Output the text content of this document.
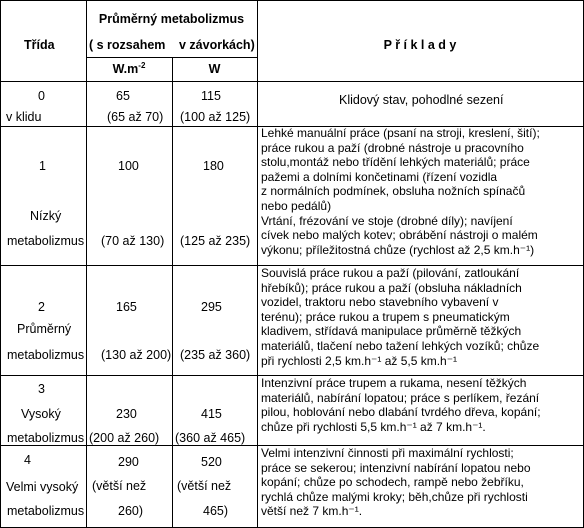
Třída
Průměrný metabolizmus
( s rozsahem v závorkách)
$W.m^{-2}$	W
P ř í k l a d y
0
v klidu
65
(65 až 70)
115
(100 až 125)
Klidový stav, pohodlné sezení
1
Nízký
metabolizmus
100
(70 až 130)
180
(125 až 235)
Lehké manuální práce (psaní na stroji, kreslení, šití);
práce rukou a paží (drobné nástroje u pracovního
stolu,montáž nebo třídění lehkých materiálů; práce
pažemi a dolními končetinami (řízení vozidla
z normálních podmínek, obsluha nožních spínačů
nebo pedálů)
Vrtání, frézování ve stoje (drobné díly); navíjení
cívek nebo malých kotev; obrábění nástroji o malém
výkonu; příležitostná chůze (rychlost až 2,5 km.h⁻¹)
2
Průměrný
metabolizmus
165
(130 až 200)
295
(235 až 360)
Souvislá práce rukou a paží (pilování, zatloukání
hřebíků); práce rukou a paží (obsluha nákladních
vozidel, traktoru nebo stavebního vybavení v
terénu); práce rukou a trupem s pneumatickým
kladivem, střídavá manipulace průměrně těžkých
materiálů, tlačení nebo tažení lehkých vozíků; chůze
při rychlosti 2,5 km.h⁻¹ až 5,5 km.h⁻¹
3
Vysoký
metabolizmus
230
(200 až 260)
415
(360 až 465)
Intenzivní práce trupem a rukama, nesení těžkých
materiálů, nabírání lopatou; práce s perlíkem, řezání
pilou, hoblování nebo dlabání tvrdého dřeva, kopání;
chůze při rychlosti 5,5 km.h⁻¹ až 7 km.h⁻¹.
4
Velmi vysoký
metabolizmus
290
(větší než
260)
520
(větší než
465)
Velmi intenzivní činnosti při maximální rychlosti;
práce se sekerou; intenzivní nabírání lopatou nebo
kopání; chůze po schodech, rampě nebo žebříku,
rychlá chůze malými kroky; běh,chůze při rychlosti
větší než 7 km.h⁻¹.
